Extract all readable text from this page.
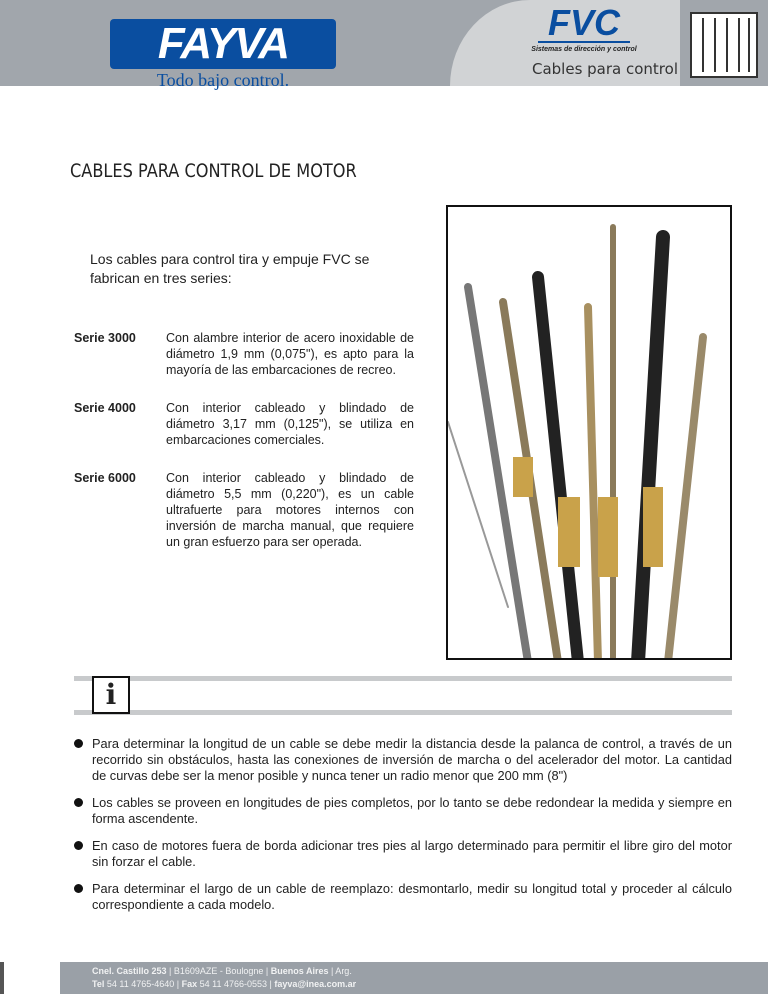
FAYVA
Todo bajo control.
FVC
Sistemas de dirección y control
Cables para control
CABLES PARA CONTROL DE MOTOR
Los cables para control tira y empuje FVC se fabrican en tres series:
Serie 3000	Con alambre interior de acero inoxidable de diámetro 1,9 mm (0,075"), es apto para la mayoría de las embarcaciones de recreo.

Serie 4000	Con interior cableado y blindado de diámetro 3,17 mm (0,125"), se utiliza en embarcaciones comerciales.

Serie 6000	Con interior cableado y blindado de diámetro 5,5 mm (0,220"), es un cable ultrafuerte para motores internos con inversión de marcha manual, que requiere un gran esfuerzo para ser operada.

i

Para determinar la longitud de un cable se debe medir la distancia desde la palanca de control, a través de un recorrido sin obstáculos, hasta las conexiones de inversión de marcha o del acelerador del motor. La cantidad de curvas debe ser la menor posible y nunca tener un radio menor que 200 mm (8")

Los cables se proveen en longitudes de pies completos, por lo tanto se debe redondear la medida y siempre en forma ascendente.

En caso de motores fuera de borda adicionar tres pies al largo determinado para permitir el libre giro del motor sin forzar el cable.

Para determinar el largo de un cable de reemplazo: desmontarlo, medir su longitud total y proceder al cálculo correspondiente a cada modelo.

Cnel. Castillo 253 | B1609AZE - Boulogne | Buenos Aires | Arg.
Tel 54 11 4765-4640 | Fax 54 11 4766-0553 | fayva@inea.com.ar
